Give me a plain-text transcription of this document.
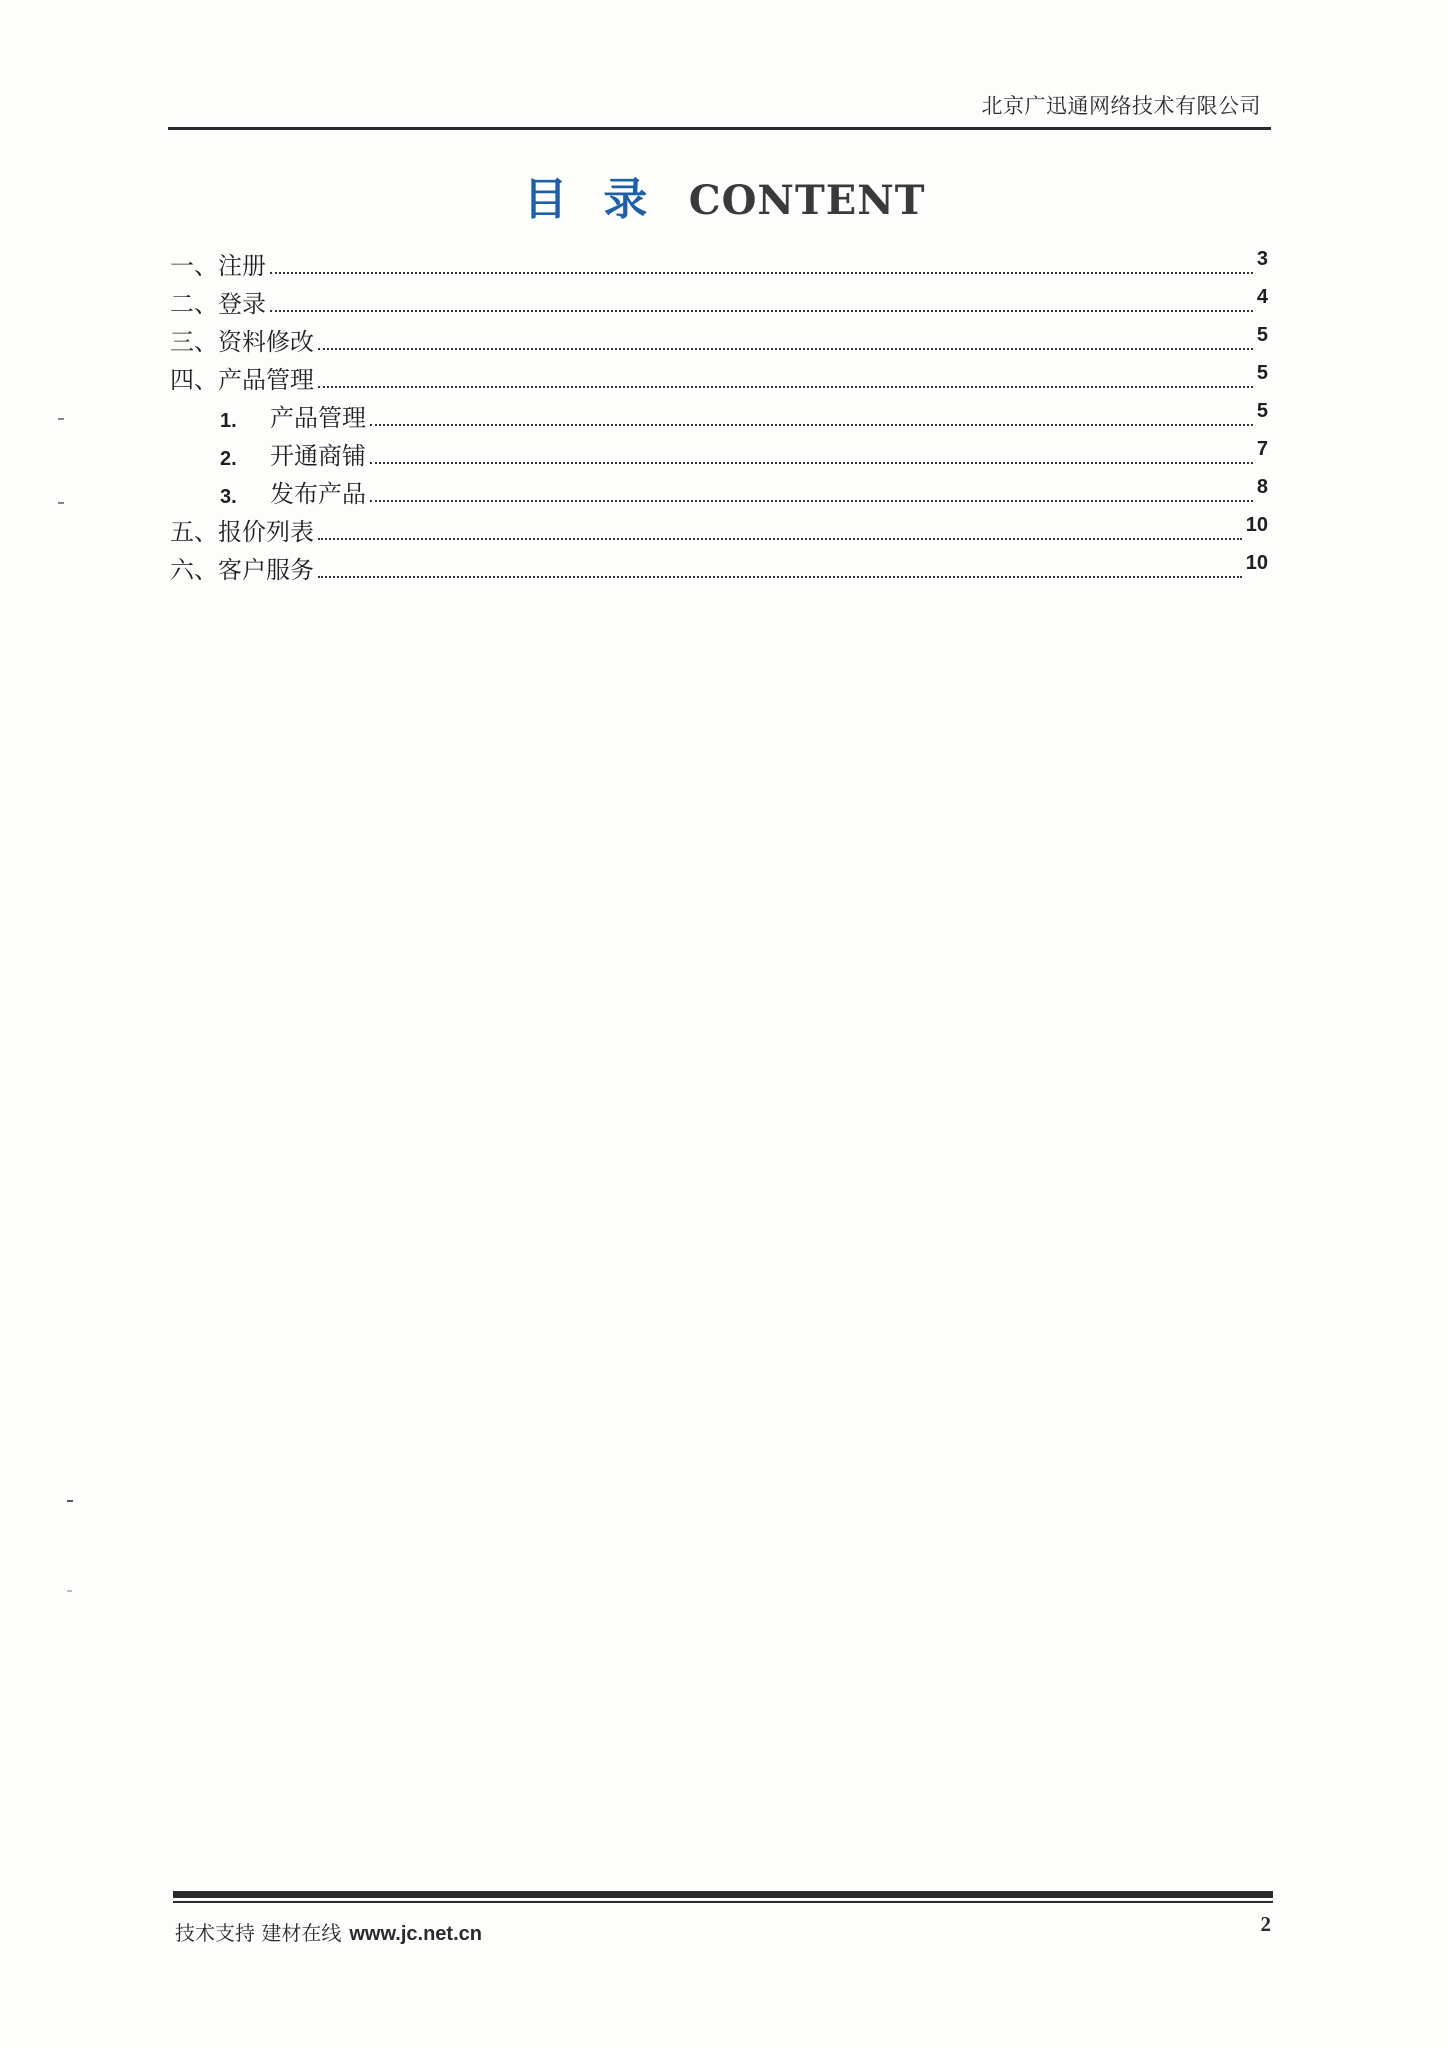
北京广迅通网络技术有限公司
目录 CONTENT
一、注册	3
二、登录	4
三、资料修改	5
四、产品管理	5
1.	产品管理	5
2.	开通商铺	7
3.	发布产品	8
五、报价列表	10
六、客户服务	10
技术支持 建材在线 www.jc.net.cn	2
